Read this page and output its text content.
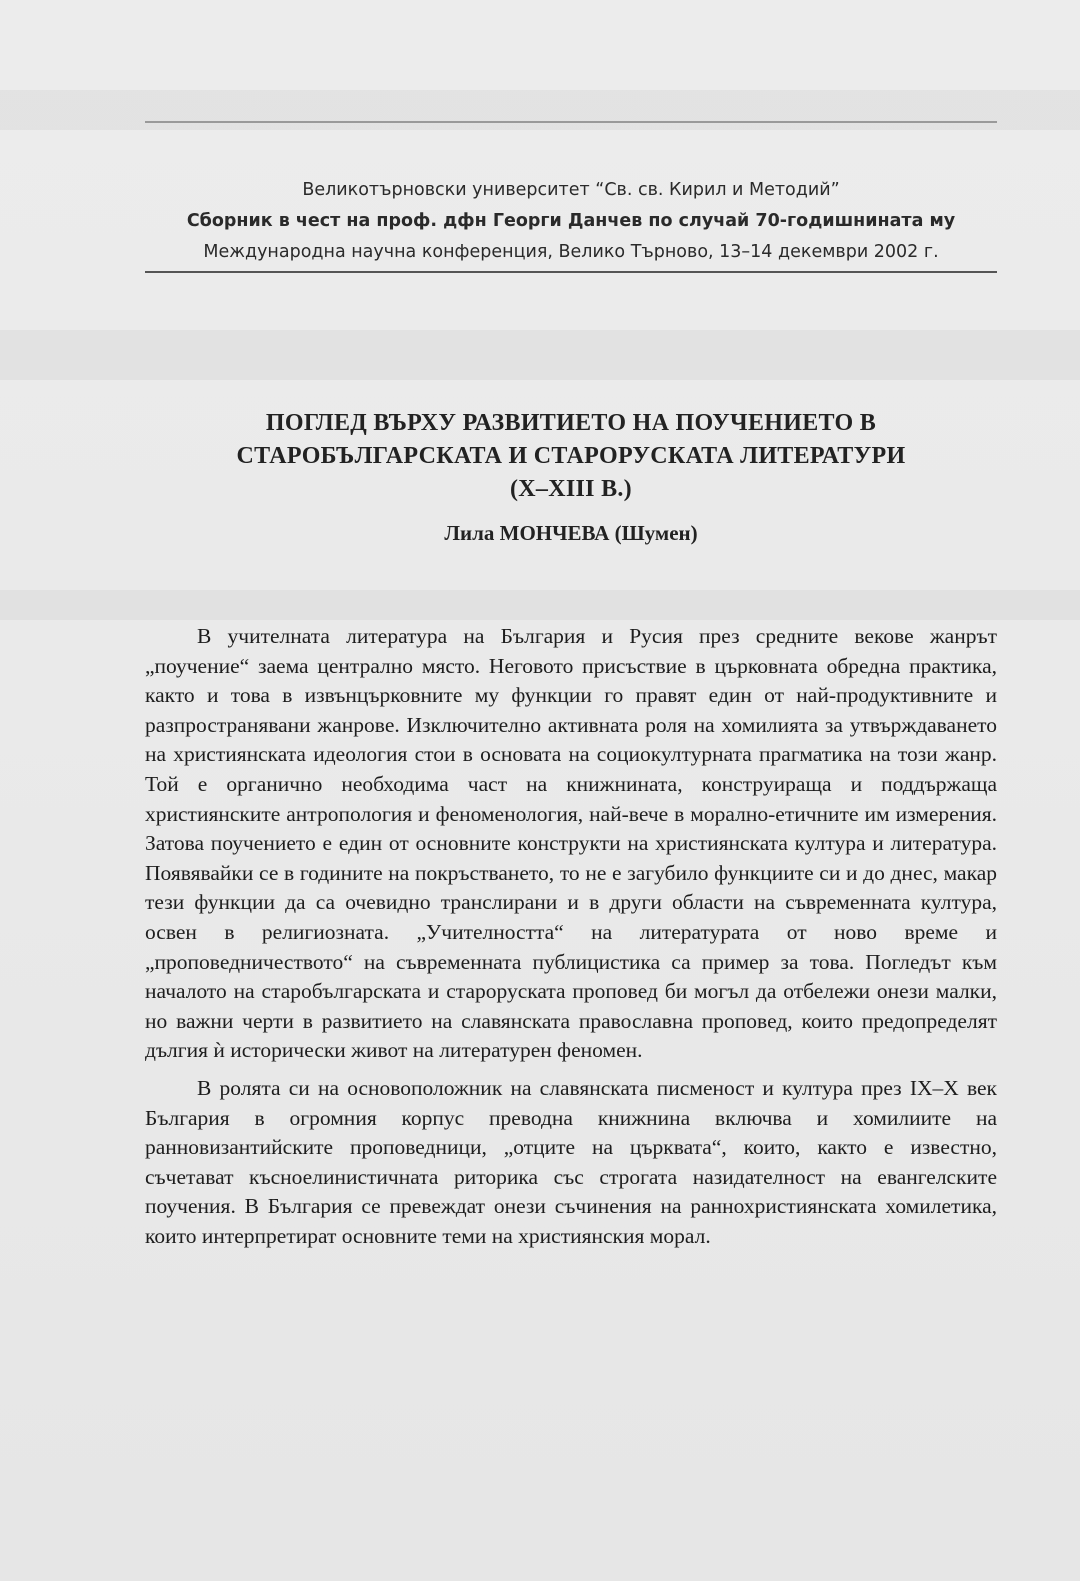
Великотърновски университет “Св. св. Кирил и Методий”
Сборник в чест на проф. дфн Георги Данчев по случай 70-годишнината му
Международна научна конференция, Велико Търново, 13–14 декември 2002 г.
ПОГЛЕД ВЪРХУ РАЗВИТИЕТО НА ПОУЧЕНИЕТО В
СТАРОБЪЛГАРСКАТА И СТАРОРУСКАТА ЛИТЕРАТУРИ
(X–XIII В.)
Лила МОНЧЕВА (Шумен)

В учителната литература на България и Русия през средните векове жанрът „поучение“ заема централно място. Неговото присъствие в църковната обредна практика, както и това в извънцърковните му функции го правят един от най-продуктивните и разпространявани жанрове. Изключително активната роля на хомилията за утвърждаването на християнската идеология стои в основата на социокултурната прагматика на този жанр. Той е органично необходима част на книжнината, конструираща и поддържаща християнските антропология и феноменология, най-вече в морално-етичните им измерения. Затова поучението е един от основните конструкти на християнската култура и литература. Появявайки се в годините на покръстването, то не е загубило функциите си и до днес, макар тези функции да са очевидно транслирани и в други области на съвременната култура, освен в религиозната. „Учителността“ на литературата от ново време и „проповедничеството“ на съвременната публицистика са пример за това. Погледът към началото на старобългарската и староруската проповед би могъл да отбележи онези малки, но важни черти в развитието на славянската православна проповед, които предопределят дългия ѝ исторически живот на литературен феномен.

В ролята си на основоположник на славянската писменост и култура през IX–X век България в огромния корпус преводна книжнина включва и хомилиите на ранновизантийските проповедници, „отците на църквата“, които, както е известно, съчетават късноелинистичната риторика със строгата назидателност на евангелските поучения. В България се превеждат онези съчинения на раннохристиянската хомилетика, които интерпретират основните теми на християнския морал.
